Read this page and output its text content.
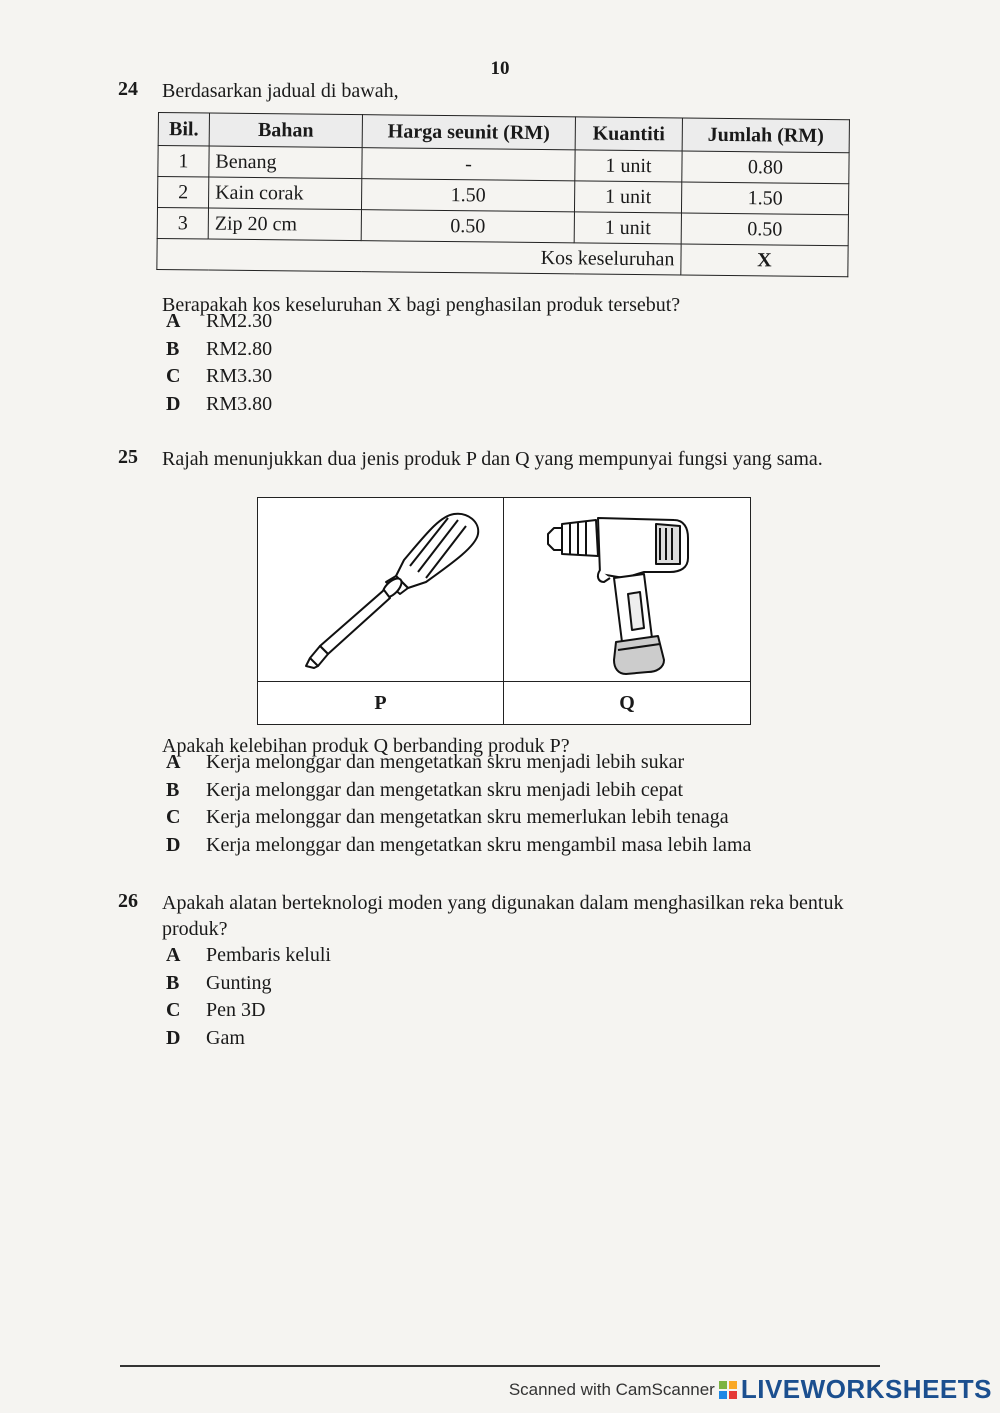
10
24 Berdasarkan jadual di bawah,
Bil.	Bahan	Harga seunit (RM)	Kuantiti	Jumlah (RM)
1	Benang	-	1 unit	0.80
2	Kain corak	1.50	1 unit	1.50
3	Zip 20 cm	0.50	1 unit	0.50
Kos keseluruhan				X
Berapakah kos keseluruhan X bagi penghasilan produk tersebut?
A RM2.30
B RM2.80
C RM3.30
D RM3.80
25 Rajah menunjukkan dua jenis produk P dan Q yang mempunyai fungsi yang sama.
P	Q
Apakah kelebihan produk Q berbanding produk P?
A Kerja melonggar dan mengetatkan skru menjadi lebih sukar
B Kerja melonggar dan mengetatkan skru menjadi lebih cepat
C Kerja melonggar dan mengetatkan skru memerlukan lebih tenaga
D Kerja melonggar dan mengetatkan skru mengambil masa lebih lama
26 Apakah alatan berteknologi moden yang digunakan dalam menghasilkan reka bentuk produk?
A Pembaris keluli
B Gunting
C Pen 3D
D Gam
Scanned with CamScanner LIVEWORKSHEETS
